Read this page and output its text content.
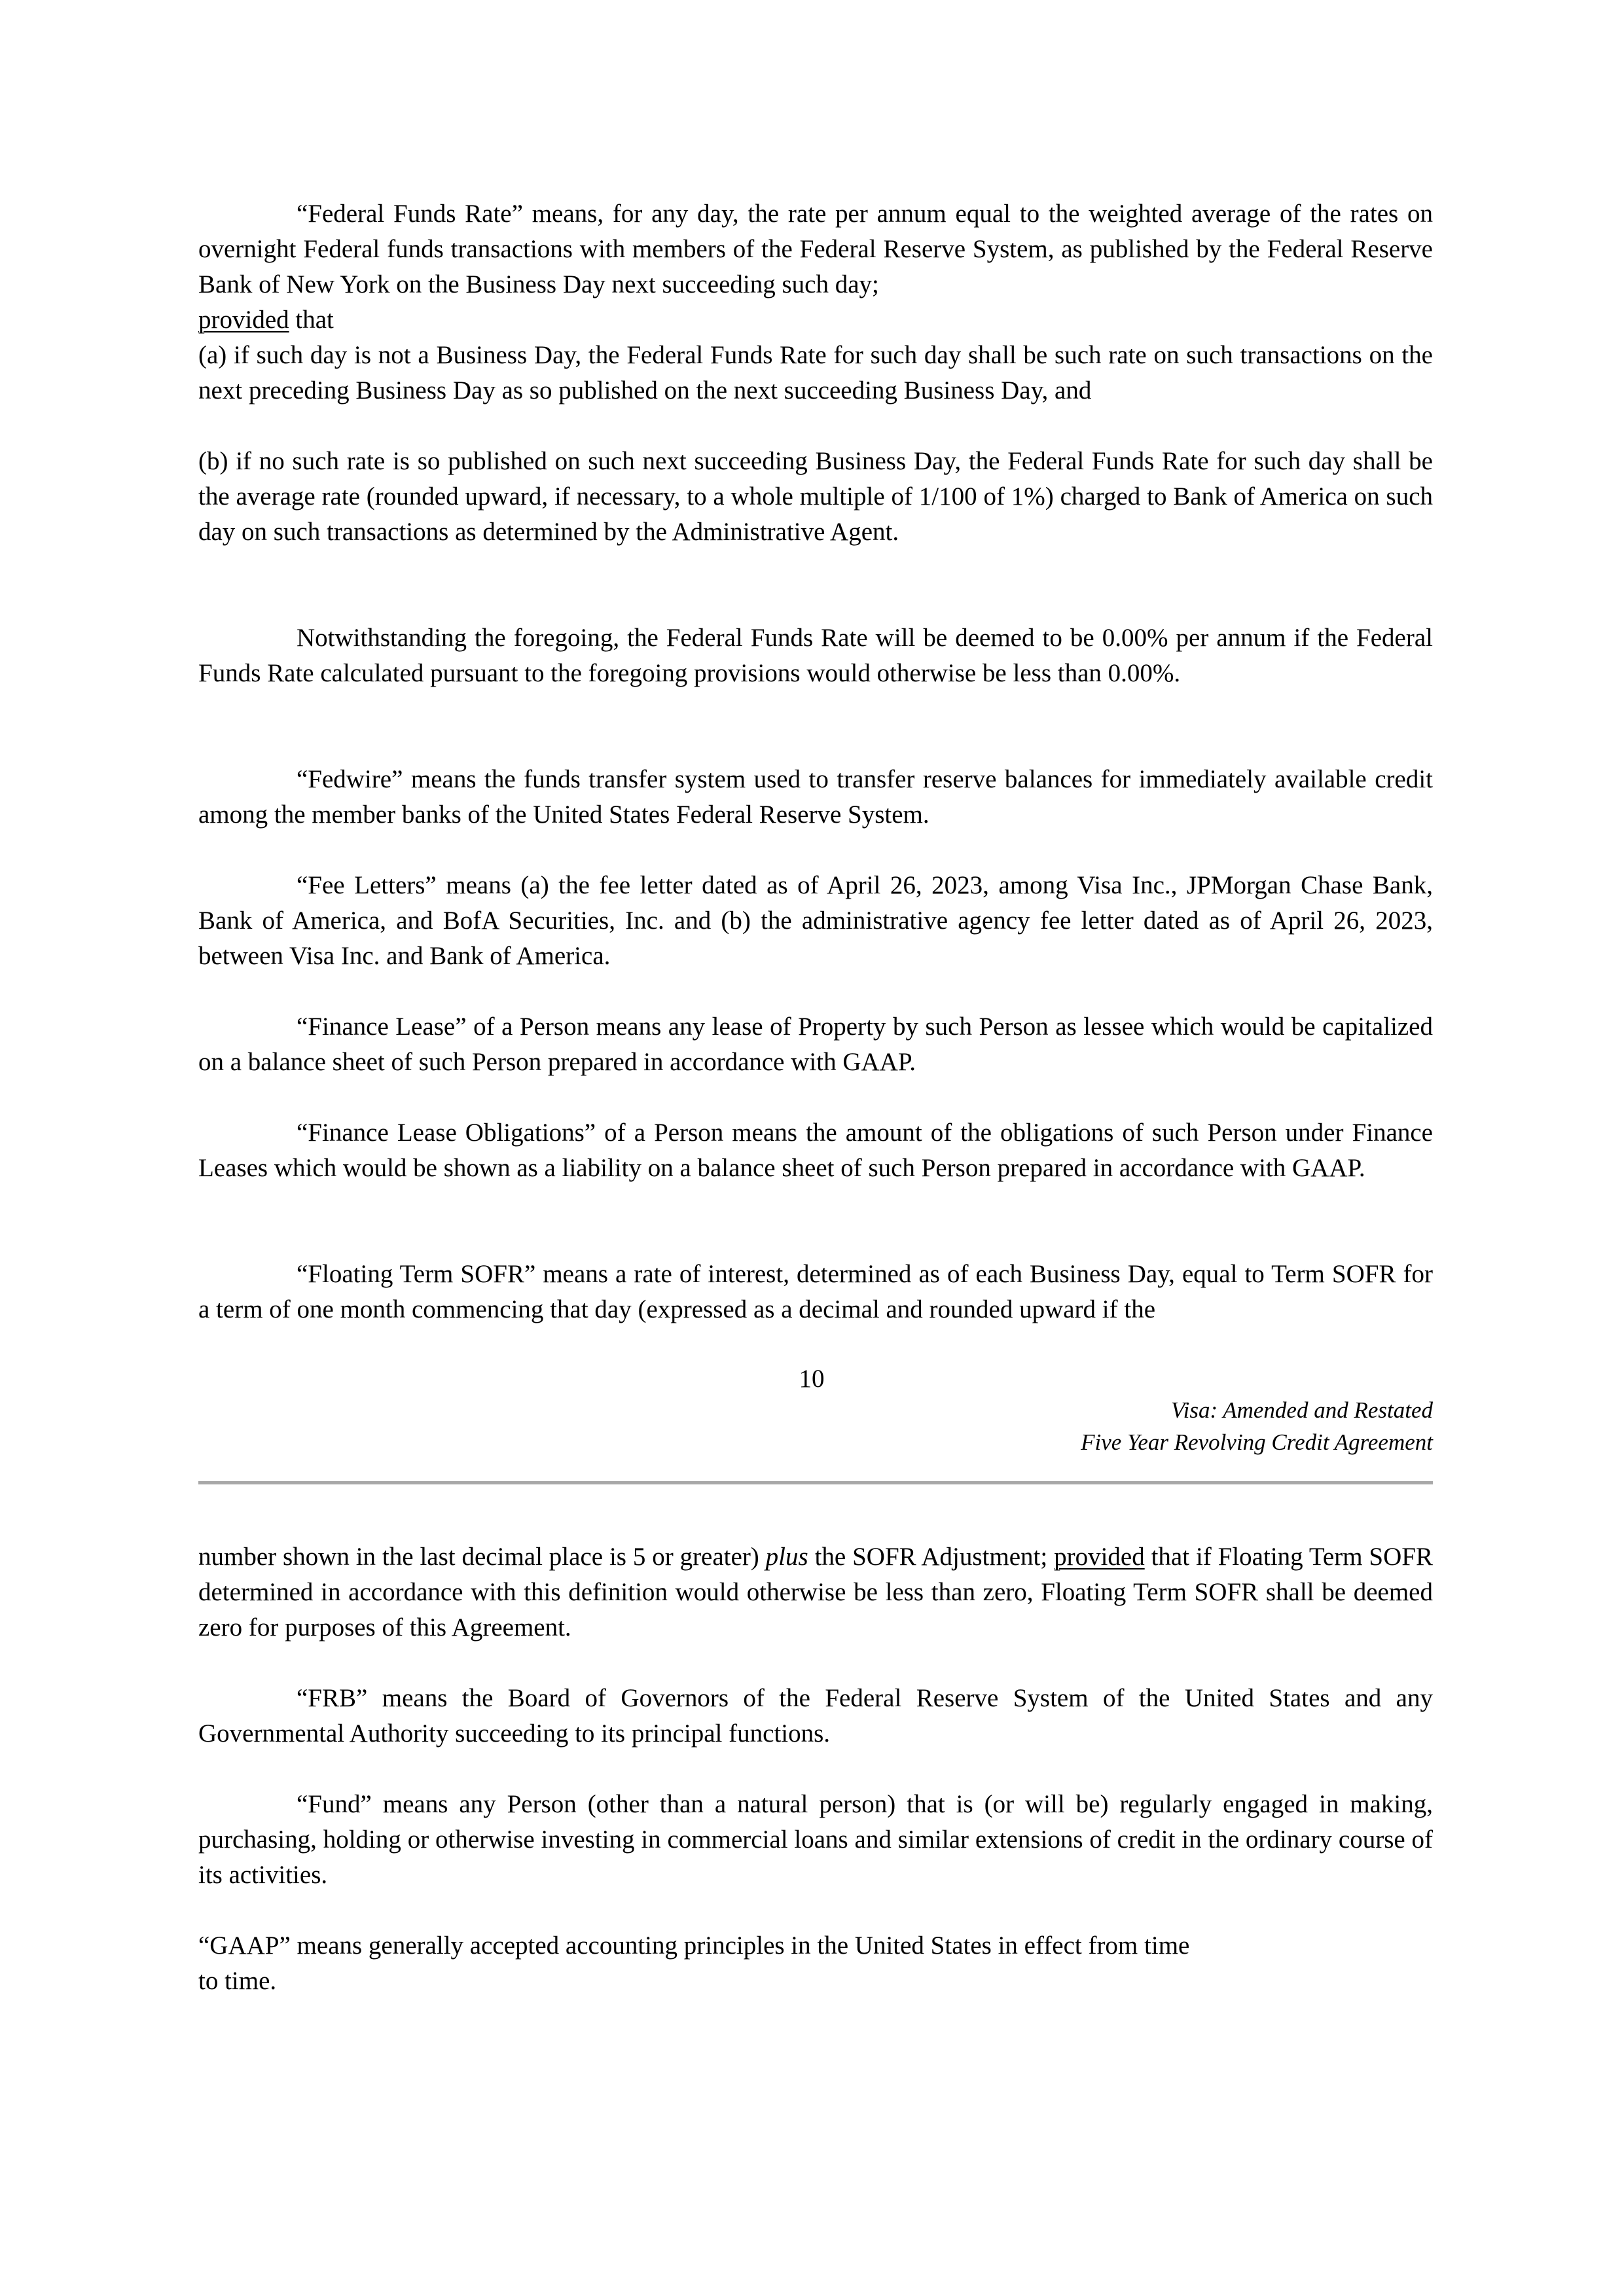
“Federal Funds Rate” means, for any day, the rate per annum equal to the weighted average of the rates on overnight Federal funds transactions with members of the Federal Reserve System, as published by the Federal Reserve Bank of New York on the Business Day next succeeding such day;
provided that

(a) if such day is not a Business Day, the Federal Funds Rate for such day shall be such rate on such transactions on the next preceding Business Day as so published on the next succeeding Business Day, and

(b) if no such rate is so published on such next succeeding Business Day, the Federal Funds Rate for such day shall be the average rate (rounded upward, if necessary, to a whole multiple of 1/100 of 1%) charged to Bank of America on such day on such transactions as determined by the Administrative Agent.

Notwithstanding the foregoing, the Federal Funds Rate will be deemed to be 0.00% per annum if the Federal Funds Rate calculated pursuant to the foregoing provisions would otherwise be less than 0.00%.

“Fedwire” means the funds transfer system used to transfer reserve balances for immediately available credit among the member banks of the United States Federal Reserve System.

“Fee Letters” means (a) the fee letter dated as of April 26, 2023, among Visa Inc., JPMorgan Chase Bank, Bank of America, and BofA Securities, Inc. and (b) the administrative agency fee letter dated as of April 26, 2023, between Visa Inc. and Bank of America.

“Finance Lease” of a Person means any lease of Property by such Person as lessee which would be capitalized on a balance sheet of such Person prepared in accordance with GAAP.

“Finance Lease Obligations” of a Person means the amount of the obligations of such Person under Finance Leases which would be shown as a liability on a balance sheet of such Person prepared in accordance with GAAP.

“Floating Term SOFR” means a rate of interest, determined as of each Business Day, equal to Term SOFR for a term of one month commencing that day (expressed as a decimal and rounded upward if the

10
Visa: Amended and Restated
Five Year Revolving Credit Agreement

number shown in the last decimal place is 5 or greater) plus the SOFR Adjustment; provided that if Floating Term SOFR determined in accordance with this definition would otherwise be less than zero, Floating Term SOFR shall be deemed zero for purposes of this Agreement.

“FRB” means the Board of Governors of the Federal Reserve System of the United States and any Governmental Authority succeeding to its principal functions.

“Fund” means any Person (other than a natural person) that is (or will be) regularly engaged in making, purchasing, holding or otherwise investing in commercial loans and similar extensions of credit in the ordinary course of its activities.

“GAAP” means generally accepted accounting principles in the United States in effect from time
to time.
